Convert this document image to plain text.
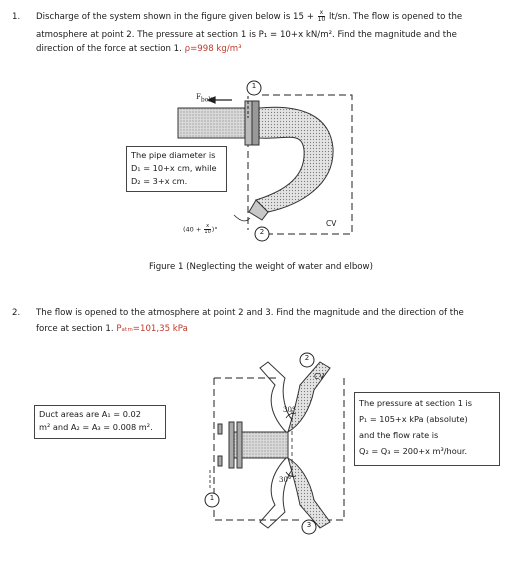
1. Discharge of the system shown in the figure given below is $15 + \frac{x}{10} lt/sn$. The flow is opened to the
atmosphere at point 2. The pressure at section 1 is P₁ = 10+x kN/m². Find the magnitude and the
direction of the force at section 1. ρ=998 kg/m³
$F_{bolt}$
1
2
CV
($40 + \frac{x}{10}$ )°
The pipe diameter is
D₁ = 10+x cm, while
D₂ = 3+x cm.
Figure 1 (Neglecting the weight of water and elbow)
2. The flow is opened to the atmosphere at point 2 and 3. Find the magnitude and the direction of the
force at section 1. Pₐₜₘ=101,35 kPa
2
1
3
CV
30°
30°
Duct areas are A₁ = 0.02
m² and A₂ = A₃ = 0.008 m².
The pressure at section 1 is
P₁ = 105+x kPa (absolute)
and the flow rate is
Q₂ = Q₃ = 200+x m³/hour.
